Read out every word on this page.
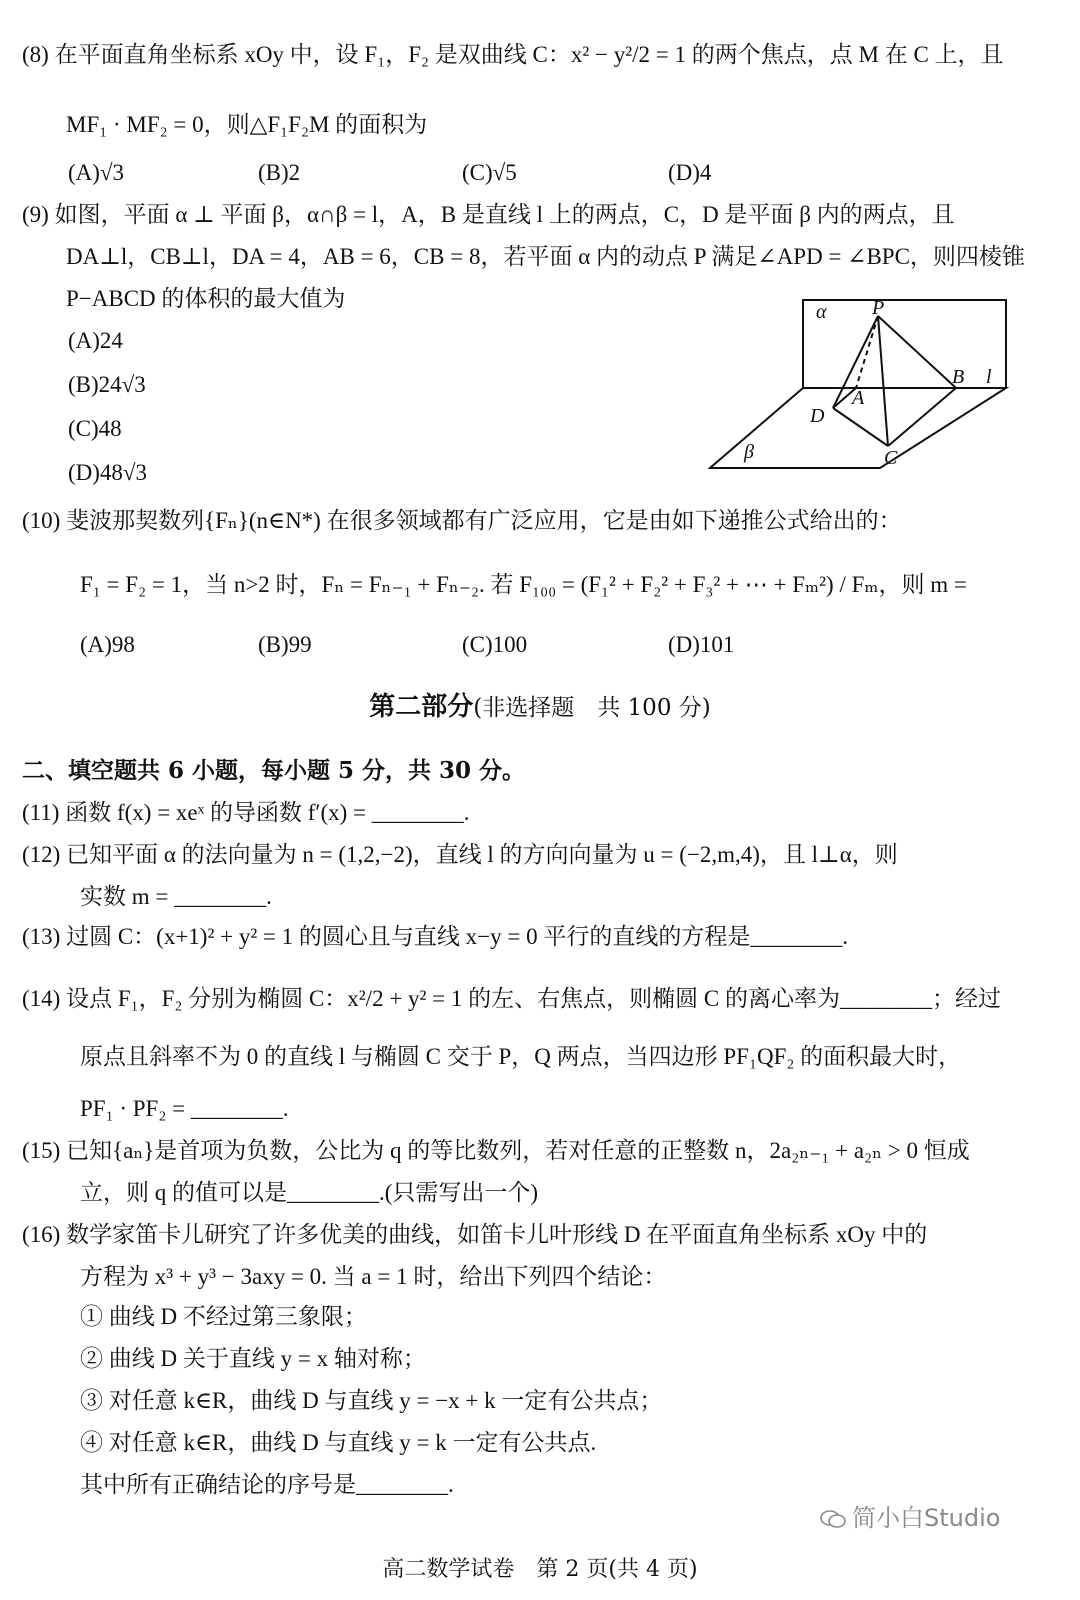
(8) 在平面直角坐标系 xOy 中，设 F₁，F₂ 是双曲线 C：x² − y²/2 = 1 的两个焦点，点 M 在 C 上，且
MF₁ · MF₂ = 0，则△F₁F₂M 的面积为
(A)√3	(B)2	(C)√5	(D)4
(9) 如图，平面 α ⊥ 平面 β，α∩β = l，A，B 是直线 l 上的两点，C，D 是平面 β 内的两点，且
DA⊥l，CB⊥l，DA = 4，AB = 6，CB = 8，若平面 α 内的动点 P 满足∠APD = ∠BPC，则四棱锥
P−ABCD 的体积的最大值为
(A)24
(B)24√3
(C)48
(D)48√3
α P
A
B l
D
C
β
(10) 斐波那契数列{Fₙ}(n∈N*) 在很多领域都有广泛应用，它是由如下递推公式给出的：
F₁ = F₂ = 1，当 n>2 时，Fₙ = Fₙ₋₁ + Fₙ₋₂. 若 F₁₀₀ = (F₁² + F₂² + F₃² + ⋯ + Fₘ²) / Fₘ，则 m =
(A)98	(B)99	(C)100	(D)101
第二部分(非选择题　共 100 分)
二、填空题共 6 小题，每小题 5 分，共 30 分。
(11) 函数 f(x) = xeˣ 的导函数 f′(x) = ________.
(12) 已知平面 α 的法向量为 n = (1,2,−2)，直线 l 的方向向量为 u = (−2,m,4)，且 l⊥α，则
实数 m = ________.
(13) 过圆 C：(x+1)² + y² = 1 的圆心且与直线 x−y = 0 平行的直线的方程是________.
(14) 设点 F₁，F₂ 分别为椭圆 C：x²/2 + y² = 1 的左、右焦点，则椭圆 C 的离心率为________；经过
原点且斜率不为 0 的直线 l 与椭圆 C 交于 P，Q 两点，当四边形 PF₁QF₂ 的面积最大时，
PF₁ · PF₂ = ________.
(15) 已知{aₙ}是首项为负数，公比为 q 的等比数列，若对任意的正整数 n，2a₂ₙ₋₁ + a₂ₙ > 0 恒成
立，则 q 的值可以是________.(只需写出一个)
(16) 数学家笛卡儿研究了许多优美的曲线，如笛卡儿叶形线 D 在平面直角坐标系 xOy 中的
方程为 x³ + y³ − 3axy = 0. 当 a = 1 时，给出下列四个结论：
① 曲线 D 不经过第三象限；
② 曲线 D 关于直线 y = x 轴对称；
③ 对任意 k∈R，曲线 D 与直线 y = −x + k 一定有公共点；
④ 对任意 k∈R，曲线 D 与直线 y = k 一定有公共点.
其中所有正确结论的序号是________.
简小白Studio
高二数学试卷　第 2 页(共 4 页)
